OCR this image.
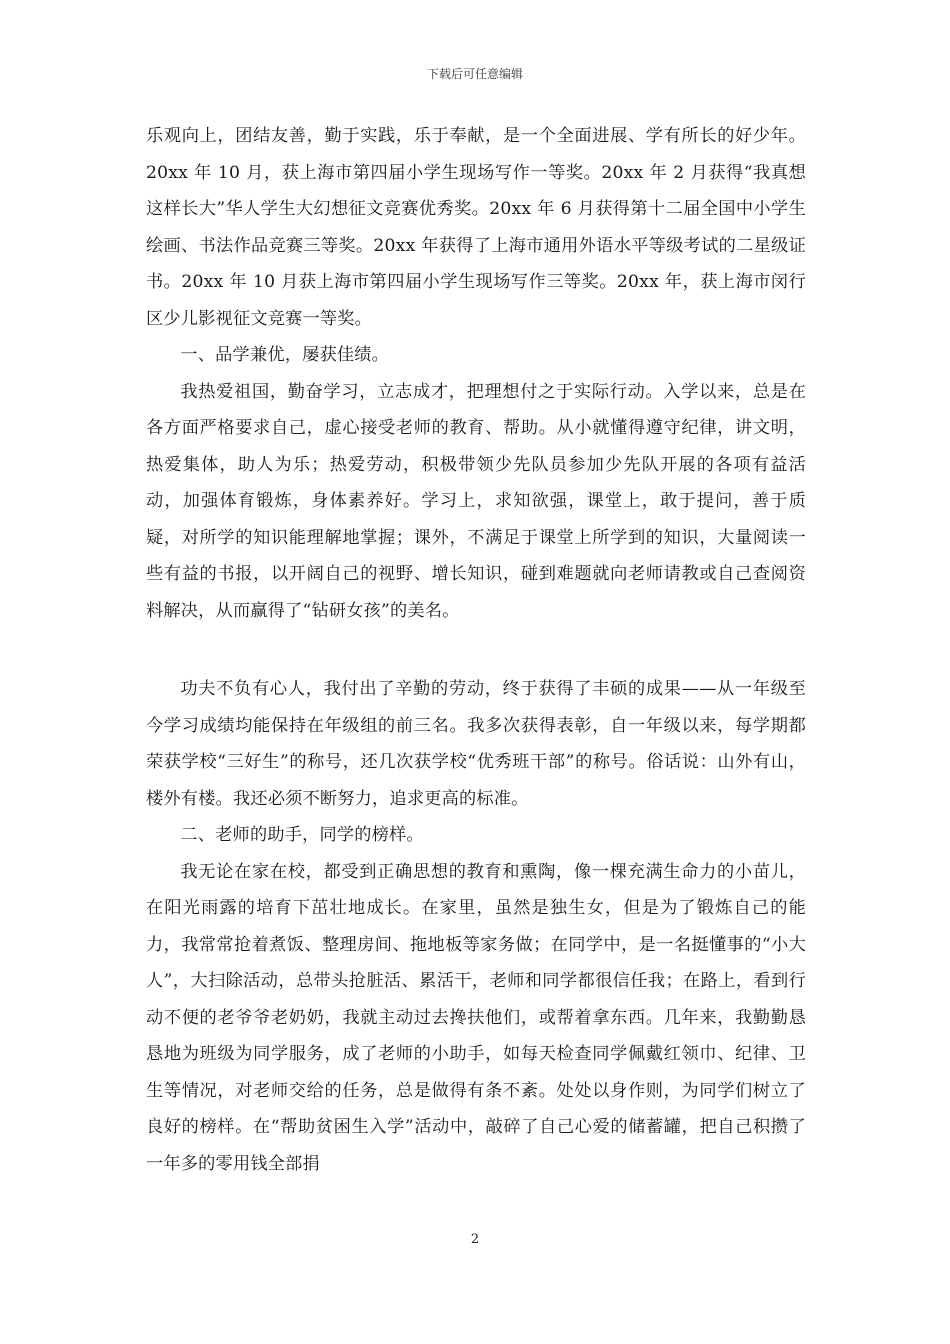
下载后可任意编辑

乐观向上，团结友善，勤于实践，乐于奉献，是一个全面进展、学有所长的好少年。20xx 年 10 月，获上海市第四届小学生现场写作一等奖。20xx 年 2 月获得“我真想这样长大”华人学生大幻想征文竞赛优秀奖。20xx 年 6 月获得第十二届全国中小学生绘画、书法作品竞赛三等奖。20xx 年获得了上海市通用外语水平等级考试的二星级证书。20xx 年 10 月获上海市第四届小学生现场写作三等奖。20xx 年，获上海市闵行区少儿影视征文竞赛一等奖。

一、品学兼优，屡获佳绩。

我热爱祖国，勤奋学习，立志成才，把理想付之于实际行动。入学以来，总是在各方面严格要求自己，虚心接受老师的教育、帮助。从小就懂得遵守纪律，讲文明，热爱集体，助人为乐；热爱劳动，积极带领少先队员参加少先队开展的各项有益活动，加强体育锻炼，身体素养好。学习上，求知欲强，课堂上，敢于提问，善于质疑，对所学的知识能理解地掌握；课外，不满足于课堂上所学到的知识，大量阅读一些有益的书报，以开阔自己的视野、增长知识，碰到难题就向老师请教或自己查阅资料解决，从而赢得了“钻研女孩”的美名。

功夫不负有心人，我付出了辛勤的劳动，终于获得了丰硕的成果——从一年级至今学习成绩均能保持在年级组的前三名。我多次获得表彰，自一年级以来，每学期都荣获学校“三好生”的称号，还几次获学校“优秀班干部”的称号。俗话说：山外有山，楼外有楼。我还必须不断努力，追求更高的标准。

二、老师的助手，同学的榜样。

我无论在家在校，都受到正确思想的教育和熏陶，像一棵充满生命力的小苗儿，在阳光雨露的培育下茁壮地成长。在家里，虽然是独生女，但是为了锻炼自己的能力，我常常抢着煮饭、整理房间、拖地板等家务做；在同学中，是一名挺懂事的“小大人”，大扫除活动，总带头抢脏活、累活干，老师和同学都很信任我；在路上，看到行动不便的老爷爷老奶奶，我就主动过去搀扶他们，或帮着拿东西。几年来，我勤勤恳恳地为班级为同学服务，成了老师的小助手，如每天检查同学佩戴红领巾、纪律、卫生等情况，对老师交给的任务，总是做得有条不紊。处处以身作则，为同学们树立了良好的榜样。在“帮助贫困生入学”活动中，敲碎了自己心爱的储蓄罐，把自己积攒了一年多的零用钱全部捐

2
